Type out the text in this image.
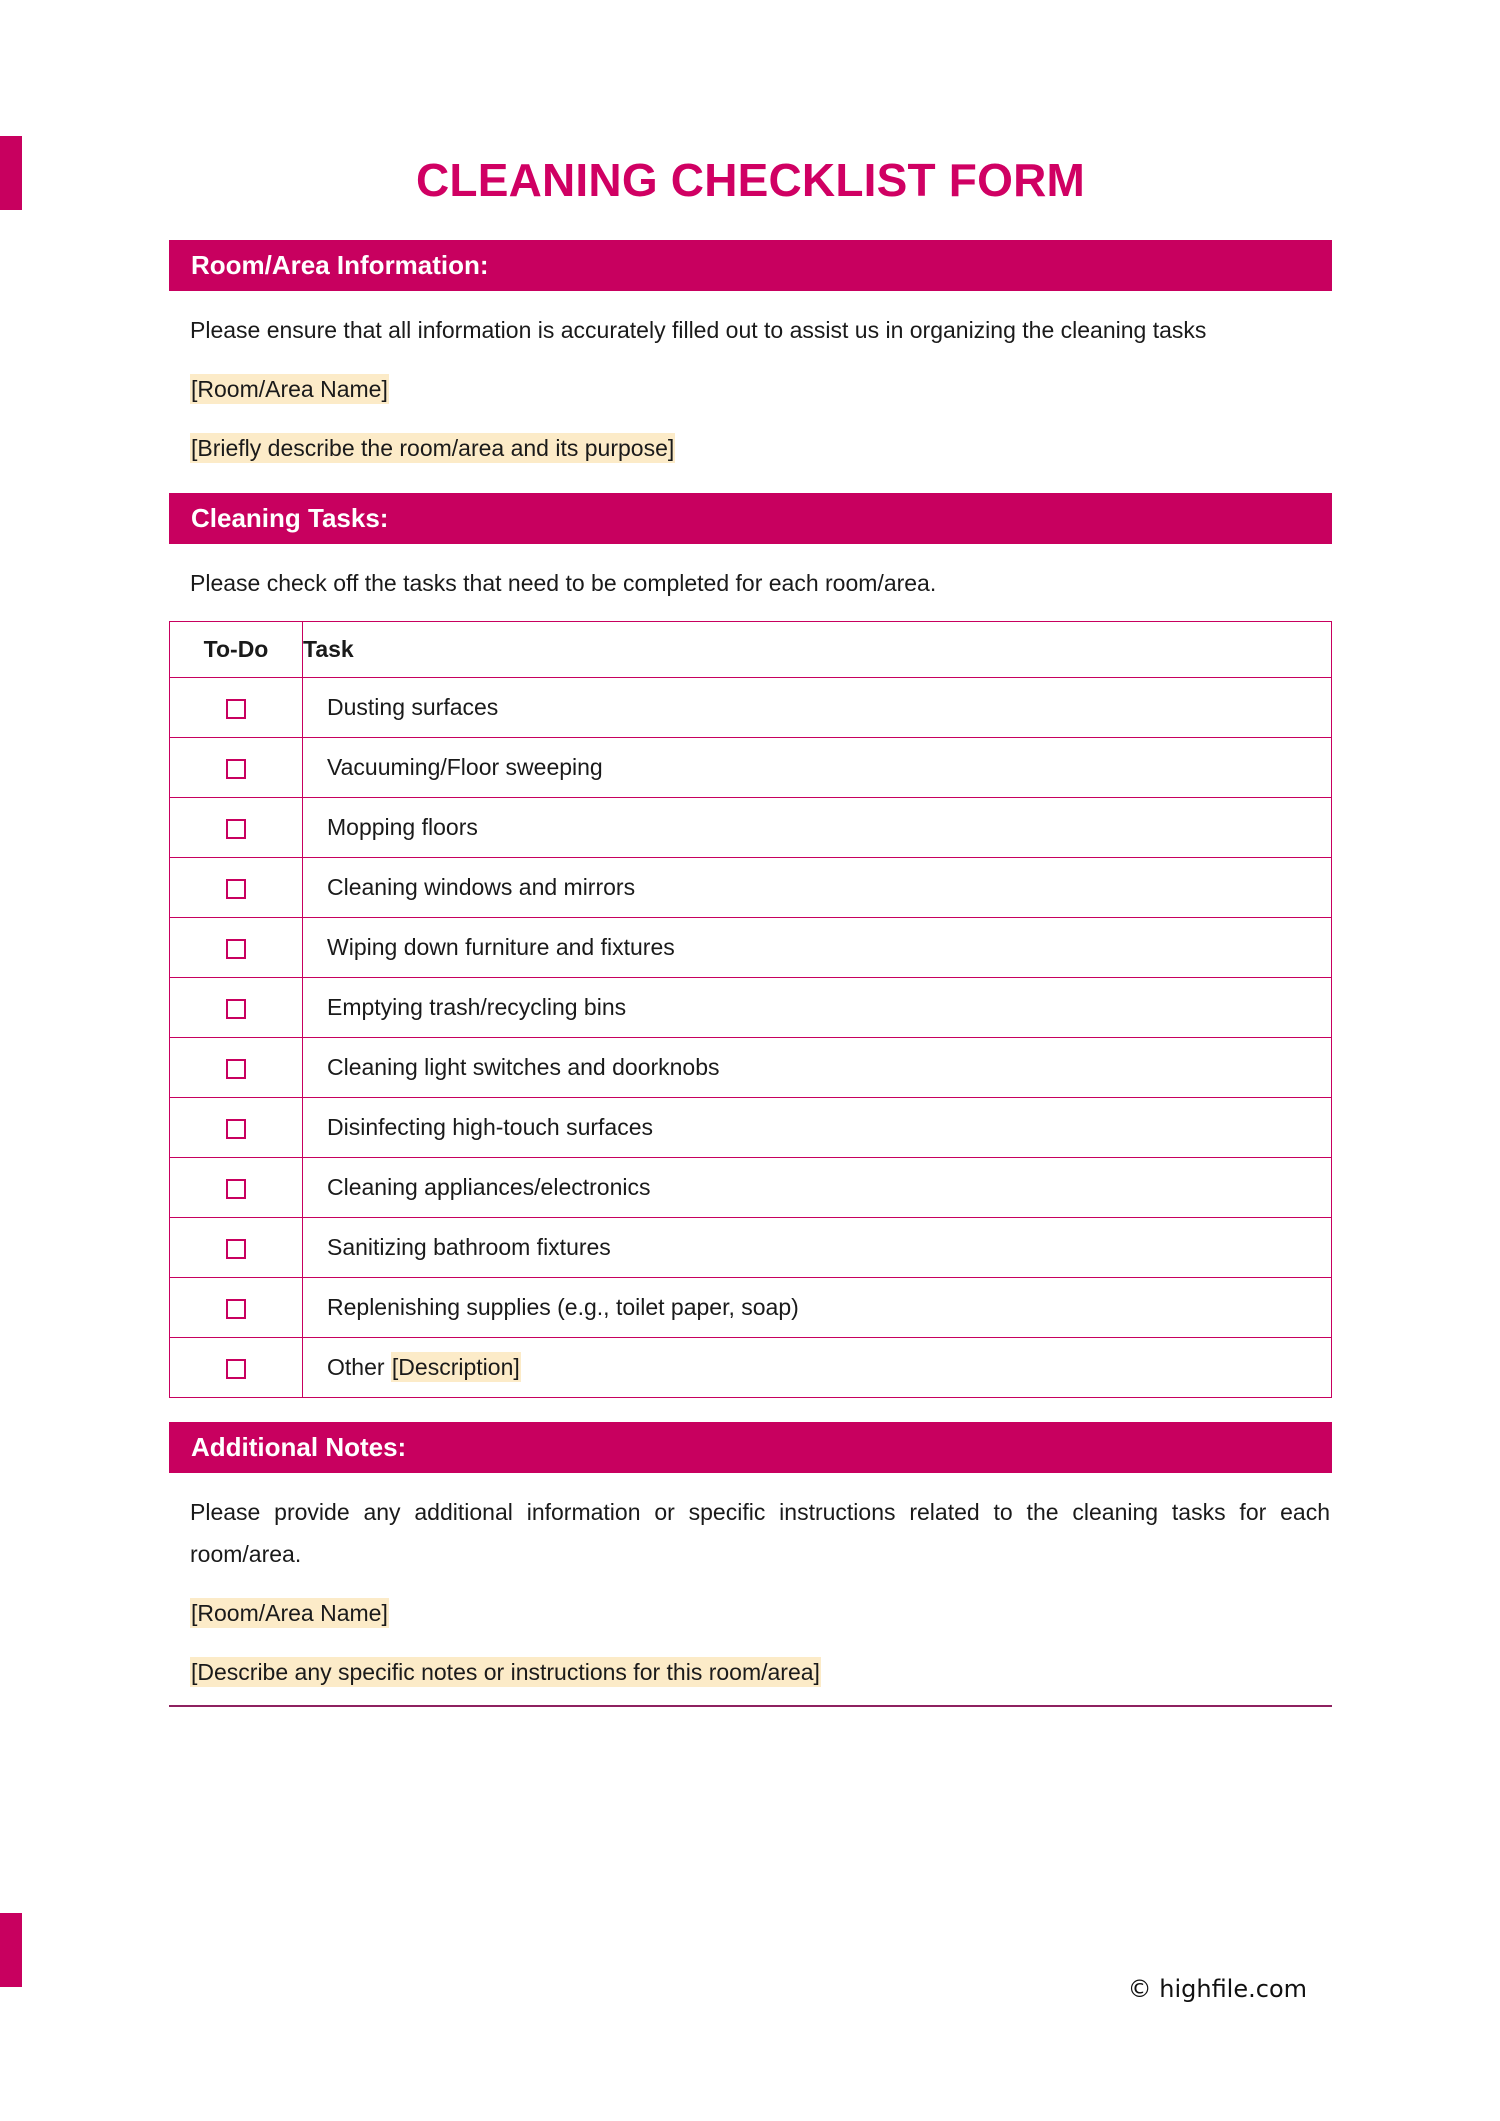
CLEANING CHECKLIST FORM
Room/Area Information:

Please ensure that all information is accurately filled out to assist us in organizing the cleaning tasks

[Room/Area Name]

[Briefly describe the room/area and its purpose]

Cleaning Tasks:

Please check off the tasks that need to be completed for each room/area.

To-Do	Task
	Dusting surfaces
	Vacuuming/Floor sweeping
	Mopping floors
	Cleaning windows and mirrors
	Wiping down furniture and fixtures
	Emptying trash/recycling bins
	Cleaning light switches and doorknobs
	Disinfecting high-touch surfaces
	Cleaning appliances/electronics
	Sanitizing bathroom fixtures
	Replenishing supplies (e.g., toilet paper, soap)
	Other [Description]
Additional Notes:

Please provide any additional information or specific instructions related to the cleaning tasks for each room/area.

[Room/Area Name]

[Describe any specific notes or instructions for this room/area]

© highfile.com
